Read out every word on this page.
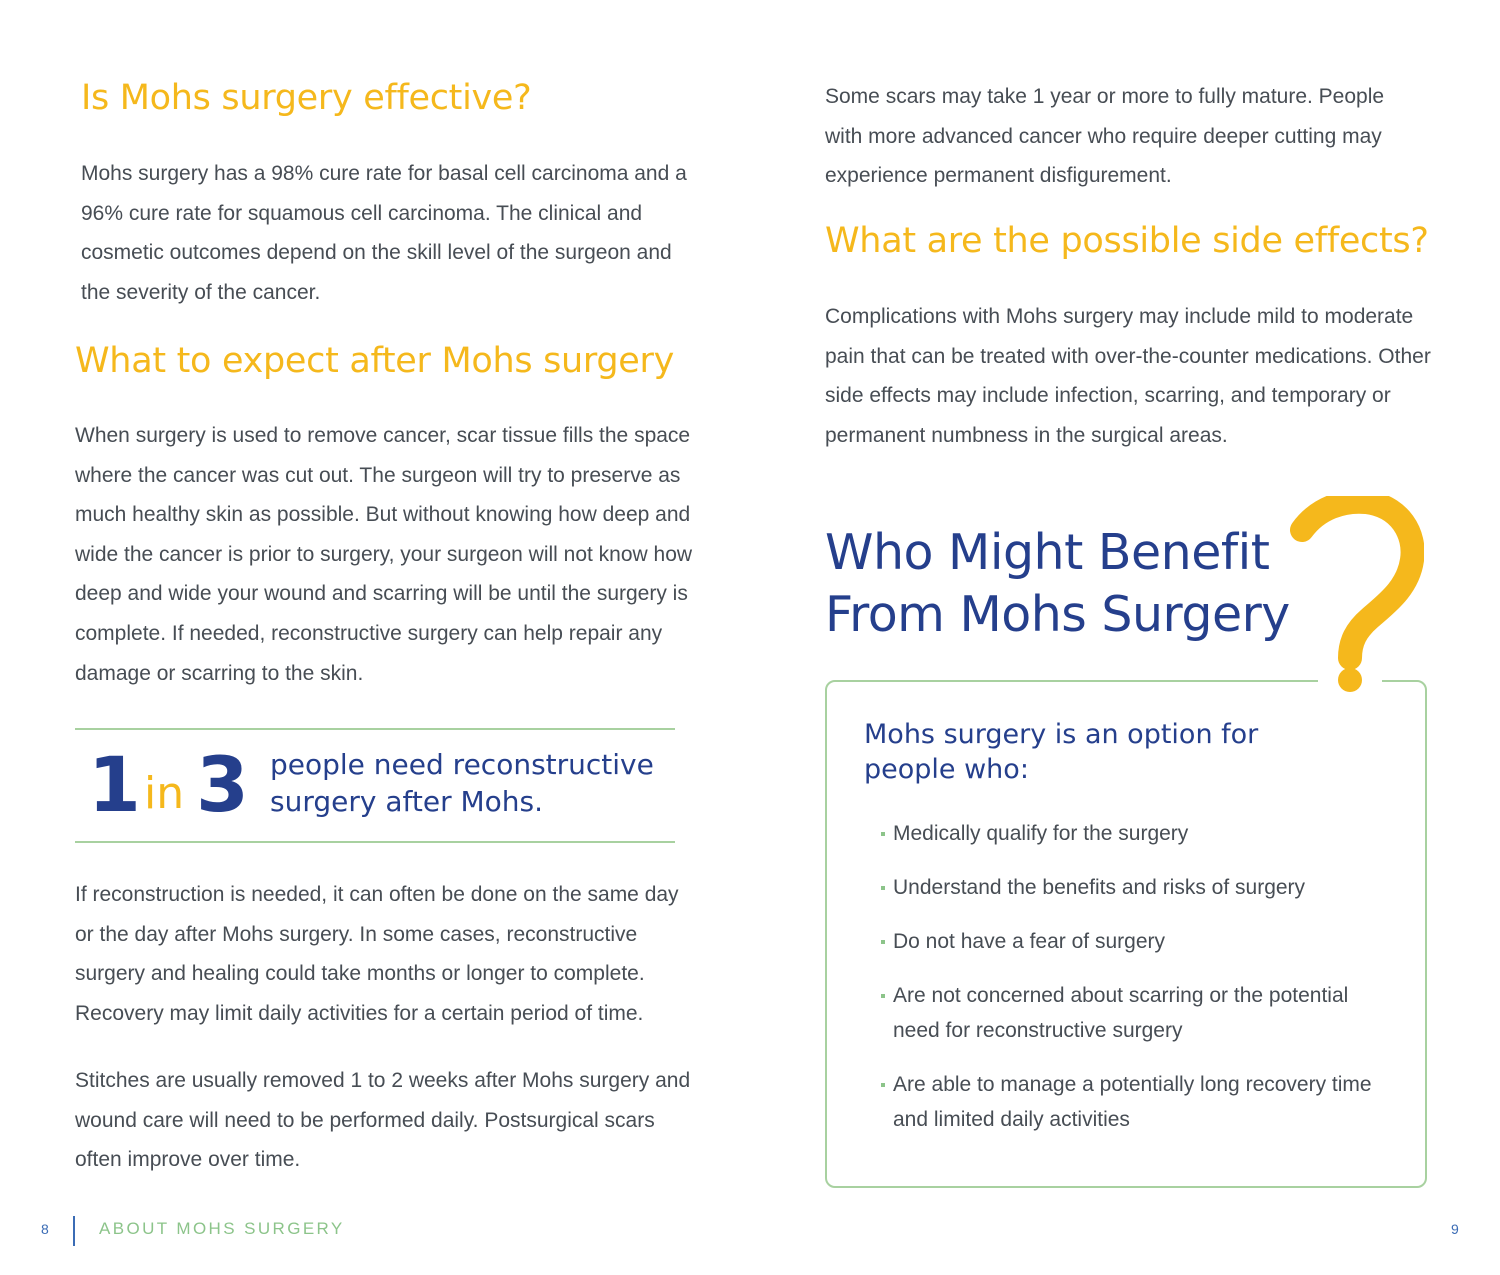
Is Mohs surgery effective?

Mohs surgery has a 98% cure rate for basal cell carcinoma and a 96% cure rate for squamous cell carcinoma. The clinical and cosmetic outcomes depend on the skill level of the surgeon and the severity of the cancer.

What to expect after Mohs surgery

When surgery is used to remove cancer, scar tissue fills the space where the cancer was cut out. The surgeon will try to preserve as much healthy skin as possible. But without knowing how deep and wide the cancer is prior to surgery, your surgeon will not know how deep and wide your wound and scarring will be until the surgery is complete. If needed, reconstructive surgery can help repair any damage or scarring to the skin.

1 in 3 people need reconstructive
surgery after Mohs.

If reconstruction is needed, it can often be done on the same day or the day after Mohs surgery. In some cases, reconstructive surgery and healing could take months or longer to complete. Recovery may limit daily activities for a certain period of time.

Stitches are usually removed 1 to 2 weeks after Mohs surgery and wound care will need to be performed daily. Postsurgical scars often improve over time.

Some scars may take 1 year or more to fully mature. People with more advanced cancer who require deeper cutting may experience permanent disfigurement.

What are the possible side effects?

Complications with Mohs surgery may include mild to moderate pain that can be treated with over-the-counter medications. Other side effects may include infection, scarring, and temporary or permanent numbness in the surgical areas.

Who Might Benefit
From Mohs Surgery
Mohs surgery is an option for
people who:
Medically qualify for the surgery
Understand the benefits and risks of surgery
Do not have a fear of surgery
Are not concerned about scarring or the potential need for reconstructive surgery
Are able to manage a potentially long recovery time and limited daily activities
8	ABOUT MOHS SURGERY	9
